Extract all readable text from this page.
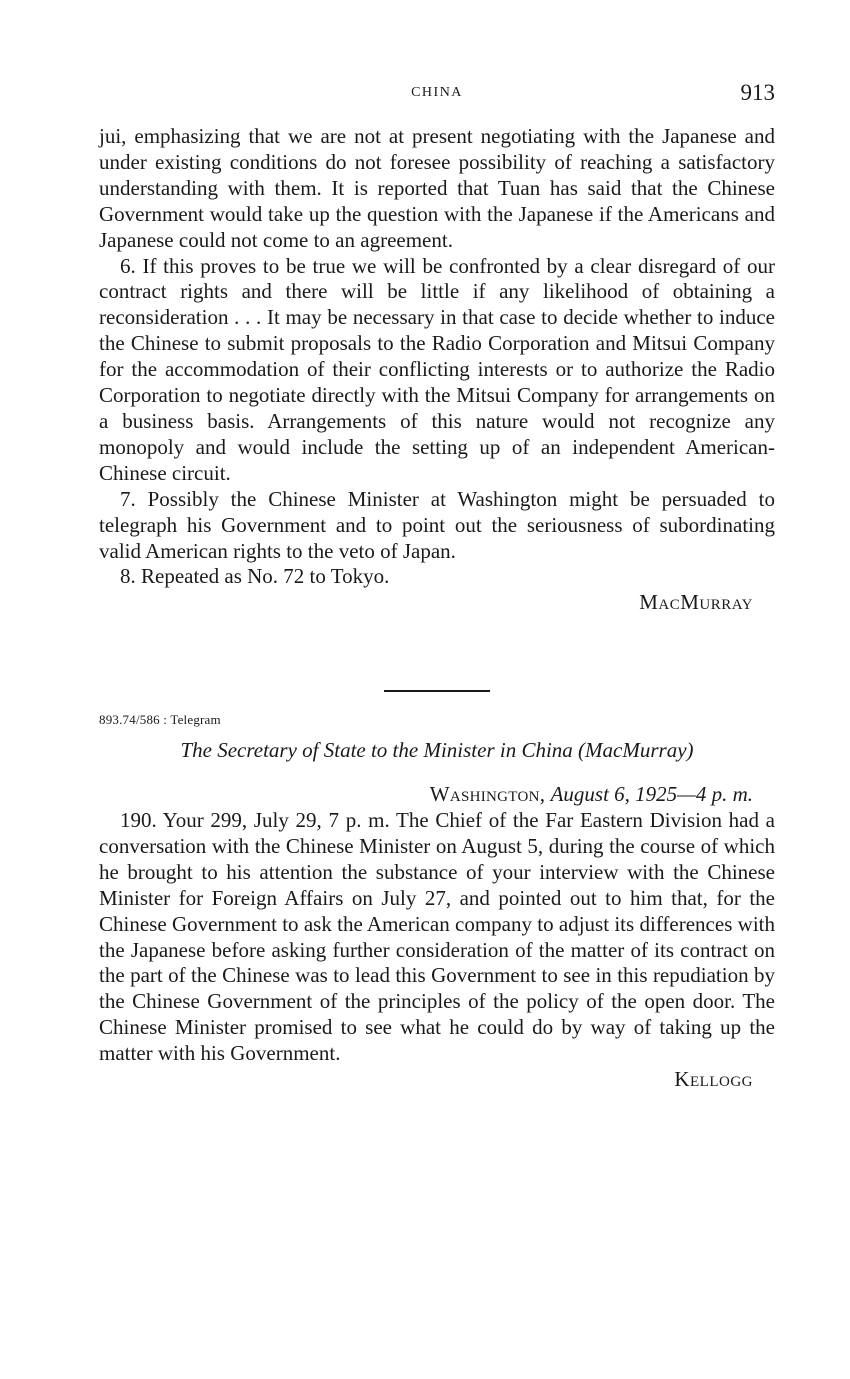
CHINA	913

jui, emphasizing that we are not at present negotiating with the Japanese and under existing conditions do not foresee possibility of reaching a satisfactory understanding with them. It is reported that Tuan has said that the Chinese Government would take up the question with the Japanese if the Americans and Japanese could not come to an agreement.

6. If this proves to be true we will be confronted by a clear disregard of our contract rights and there will be little if any likelihood of obtaining a reconsideration . . . It may be necessary in that case to decide whether to induce the Chinese to submit proposals to the Radio Corporation and Mitsui Company for the accommodation of their conflicting interests or to authorize the Radio Corporation to negotiate directly with the Mitsui Company for arrangements on a business basis. Arrangements of this nature would not recognize any monopoly and would include the setting up of an independent American-Chinese circuit.

7. Possibly the Chinese Minister at Washington might be persuaded to telegraph his Government and to point out the seriousness of subordinating valid American rights to the veto of Japan.

8. Repeated as No. 72 to Tokyo.

MacMurray

893.74/586 : Telegram
The Secretary of State to the Minister in China (MacMurray)
Washington, August 6, 1925—4 p. m.

190. Your 299, July 29, 7 p. m. The Chief of the Far Eastern Division had a conversation with the Chinese Minister on August 5, during the course of which he brought to his attention the substance of your interview with the Chinese Minister for Foreign Affairs on July 27, and pointed out to him that, for the Chinese Government to ask the American company to adjust its differences with the Japanese before asking further consideration of the matter of its contract on the part of the Chinese was to lead this Government to see in this repudiation by the Chinese Government of the principles of the policy of the open door. The Chinese Minister promised to see what he could do by way of taking up the matter with his Government.

Kellogg
